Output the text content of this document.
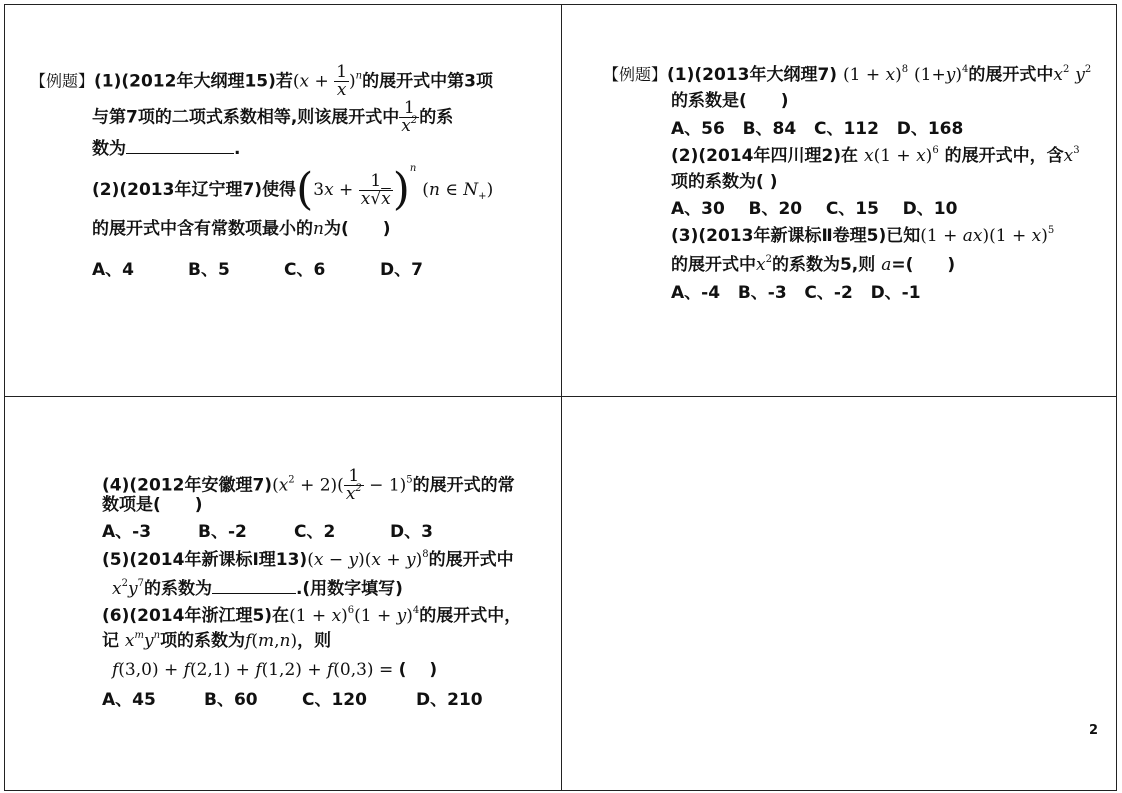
【例题】(1)(2012年大纲理15)若$(x + \frac{1}{x} )^n$的展开式中第3项
与第7项的二项式系数相等,则该展开式中 $\frac{1}{x^2}$ 的系
数为	.
(2)(2013年辽宁理7)使得$(3x + \frac{1}{x√x} )^n$ (n ∈ $N_+$)
的展开式中含有常数项最小的n为(　　)
A、4	B、5	C、6	D、7
【例题】(1)(2013年大纲理7) $(1 + x)^8$ $(1+y)^4$的展开式中$x^2$ $y^2$
的系数是(　　)
A、56 B、84 C、112 D、168
(2)(2014年四川理2)在 $x(1 + x)^6$ 的展开式中，含$x^3$
项的系数为( )
A、30 B、20 C、15 D、10
(3)(2013年新课标Ⅱ卷理5)已知$(1 + ax)(1 + x)^5$
的展开式中$x^2$的系数为5,则 a=(　　)
A、-4 B、-3 C、-2 D、-1
(4)(2012年安徽理$7)(x^2 + 2)( \frac{1}{x^2} - 1)^5$的展开式的常
数项是(　　)
A、-3	B、-2	C、2	D、3
(5)(2014年新课标Ⅰ理$13)(x - y)(x + y)^8$的展开式中
$x^2y^7$的系数为	.(用数字填写)
(6)(2014年浙江理5)在$(1 + x)^6(1 + y)^4$的展开式中，
记 $x^my^n$项的系数为f(m,n)，则
f(3,0) + f(2,1) + f(1,2) + f(0,3) = ( 　)
A、45	B、60	C、120	D、210
2
